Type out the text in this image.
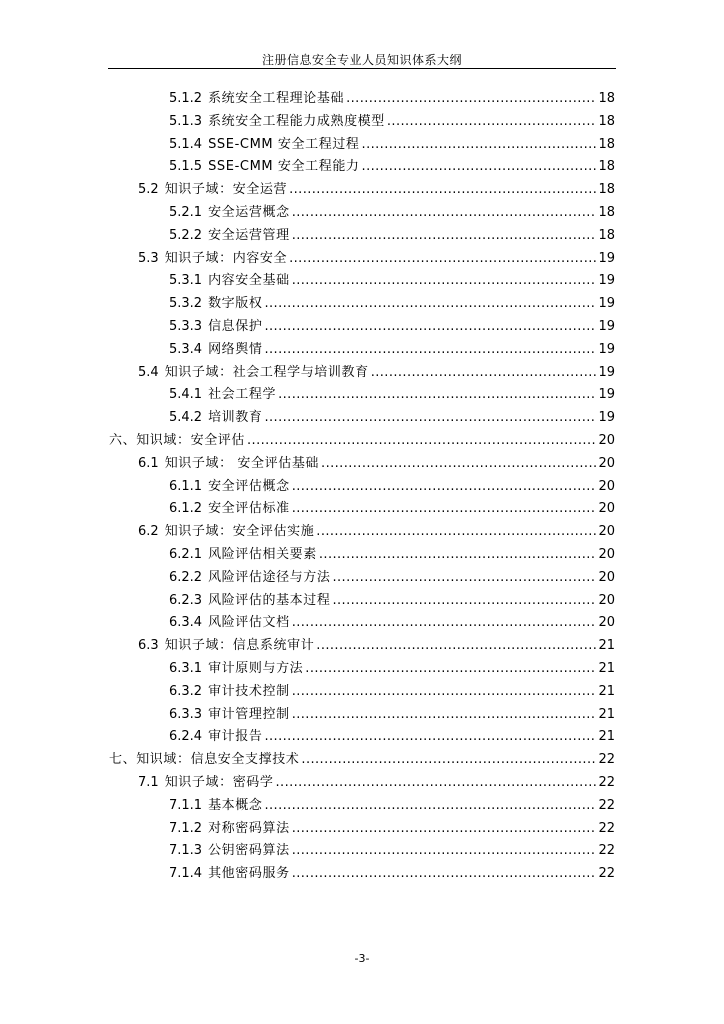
注册信息安全专业人员知识体系大纲
5.1.2 系统安全工程理论基础 .....	18
5.1.3 系统安全工程能力成熟度模型 .....	18
5.1.4 SSE-CMM 安全工程过程 .....	18
5.1.5 SSE-CMM 安全工程能力 .....	18
5.2 知识子域：安全运营 .....	18
5.2.1 安全运营概念 .....	18
5.2.2 安全运营管理 .....	18
5.3 知识子域：内容安全 .....	19
5.3.1 内容安全基础 .....	19
5.3.2 数字版权 .....	19
5.3.3 信息保护 .....	19
5.3.4 网络舆情 .....	19
5.4 知识子域：社会工程学与培训教育 .....	19
5.4.1 社会工程学 .....	19
5.4.2 培训教育 .....	19
六、知识域：安全评估 .....	20
6.1 知识子域： 安全评估基础 .....	20
6.1.1 安全评估概念 .....	20
6.1.2 安全评估标准 .....	20
6.2 知识子域：安全评估实施 .....	20
6.2.1 风险评估相关要素 .....	20
6.2.2 风险评估途径与方法 .....	20
6.2.3 风险评估的基本过程 .....	20
6.3.4 风险评估文档 .....	20
6.3 知识子域：信息系统审计 .....	21
6.3.1 审计原则与方法 .....	21
6.3.2 审计技术控制 .....	21
6.3.3 审计管理控制 .....	21
6.2.4 审计报告 .....	21
七、知识域：信息安全支撑技术 .....	22
7.1 知识子域：密码学 .....	22
7.1.1 基本概念 .....	22
7.1.2 对称密码算法 .....	22
7.1.3 公钥密码算法 .....	22
7.1.4 其他密码服务 .....	22
-3-
